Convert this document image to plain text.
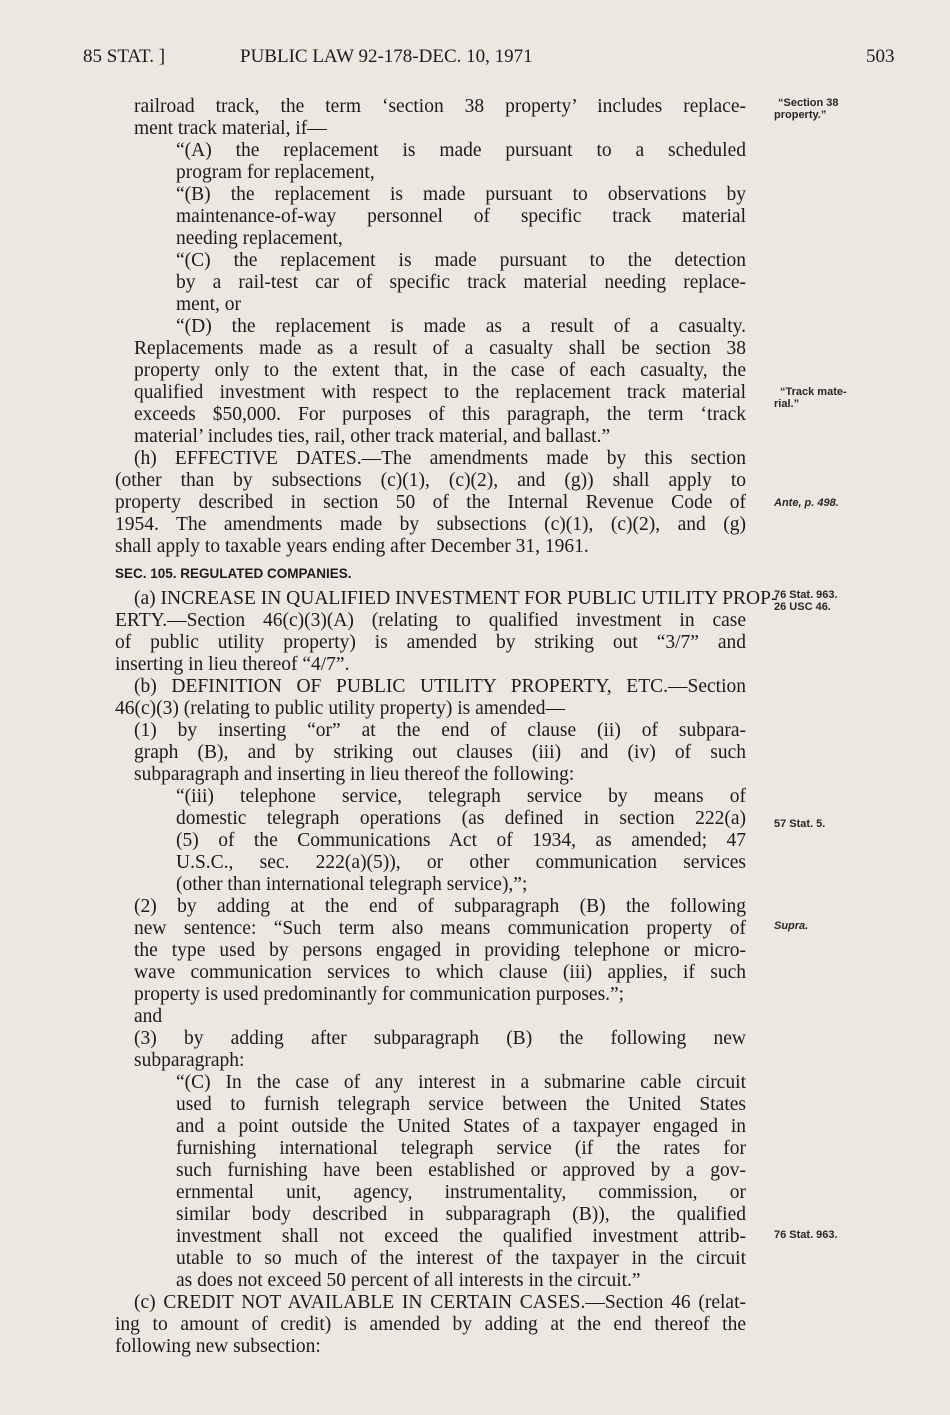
85 STAT. ]	PUBLIC LAW 92-178-DEC. 10, 1971	503
railroad track, the term ‘section 38 property’ includes replace-
ment track material, if—
“(A) the replacement is made pursuant to a scheduled
program for replacement,
“(B) the replacement is made pursuant to observations by
maintenance-of-way personnel of specific track material
needing replacement,
“(C) the replacement is made pursuant to the detection
by a rail-test car of specific track material needing replace-
ment, or
“(D) the replacement is made as a result of a casualty.
Replacements made as a result of a casualty shall be section 38
property only to the extent that, in the case of each casualty, the
qualified investment with respect to the replacement track material
exceeds $50,000. For purposes of this paragraph, the term ‘track
material’ includes ties, rail, other track material, and ballast.”
(h) EFFECTIVE DATES.—The amendments made by this section
(other than by subsections (c)(1), (c)(2), and (g)) shall apply to
property described in section 50 of the Internal Revenue Code of
1954. The amendments made by subsections (c)(1), (c)(2), and (g)
shall apply to taxable years ending after December 31, 1961.
SEC. 105. REGULATED COMPANIES.
(a) INCREASE IN QUALIFIED INVESTMENT FOR PUBLIC UTILITY PROP-
ERTY.—Section 46(c)(3)(A) (relating to qualified investment in case
of public utility property) is amended by striking out “3/7” and
inserting in lieu thereof “4/7”.
(b) DEFINITION OF PUBLIC UTILITY PROPERTY, ETC.—Section
46(c)(3) (relating to public utility property) is amended—
(1) by inserting “or” at the end of clause (ii) of subpara-
graph (B), and by striking out clauses (iii) and (iv) of such
subparagraph and inserting in lieu thereof the following:
“(iii) telephone service, telegraph service by means of
domestic telegraph operations (as defined in section 222(a)
(5) of the Communications Act of 1934, as amended; 47
U.S.C., sec. 222(a)(5)), or other communication services
(other than international telegraph service),”;
(2) by adding at the end of subparagraph (B) the following
new sentence: “Such term also means communication property of
the type used by persons engaged in providing telephone or micro-
wave communication services to which clause (iii) applies, if such
property is used predominantly for communication purposes.”;
and
(3) by adding after subparagraph (B) the following new
subparagraph:
“(C) In the case of any interest in a submarine cable circuit
used to furnish telegraph service between the United States
and a point outside the United States of a taxpayer engaged in
furnishing international telegraph service (if the rates for
such furnishing have been established or approved by a gov-
ernmental unit, agency, instrumentality, commission, or
similar body described in subparagraph (B)), the qualified
investment shall not exceed the qualified investment attrib-
utable to so much of the interest of the taxpayer in the circuit
as does not exceed 50 percent of all interests in the circuit.”
(c) CREDIT NOT AVAILABLE IN CERTAIN CASES.—Section 46 (relat-
ing to amount of credit) is amended by adding at the end thereof the
following new subsection:
“Section 38
property.”
“Track mate-
rial.”
Ante, p. 498.
76 Stat. 963.
26 USC 46.
57 Stat. 5.
Supra.
76 Stat. 963.
